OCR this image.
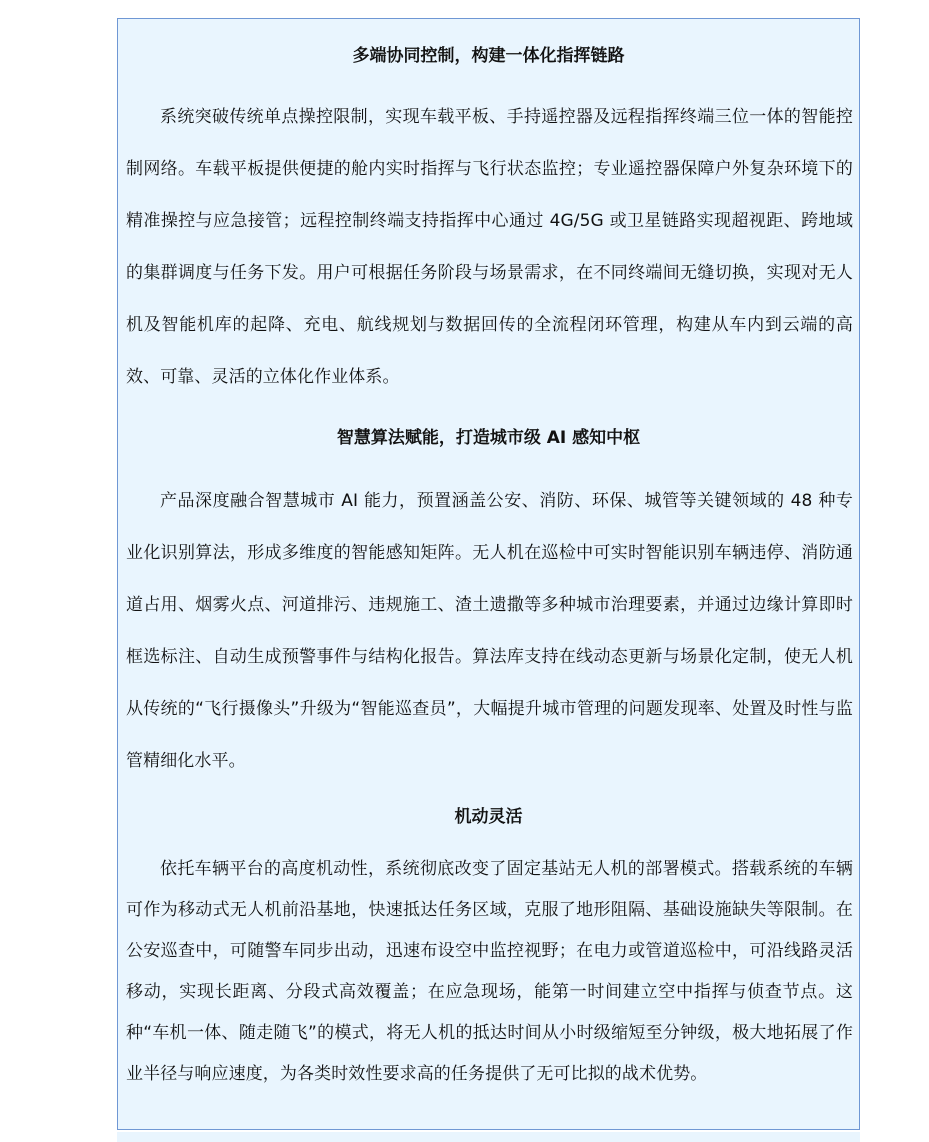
多端协同控制，构建一体化指挥链路

系统突破传统单点操控限制，实现车载平板、手持遥控器及远程指挥终端三位一体的智能控制网络。车载平板提供便捷的舱内实时指挥与飞行状态监控；专业遥控器保障户外复杂环境下的精准操控与应急接管；远程控制终端支持指挥中心通过 4G/5G 或卫星链路实现超视距、跨地域的集群调度与任务下发。用户可根据任务阶段与场景需求，在不同终端间无缝切换，实现对无人机及智能机库的起降、充电、航线规划与数据回传的全流程闭环管理，构建从车内到云端的高效、可靠、灵活的立体化作业体系。

智慧算法赋能，打造城市级 AI 感知中枢

产品深度融合智慧城市 AI 能力，预置涵盖公安、消防、环保、城管等关键领域的 48 种专业化识别算法，形成多维度的智能感知矩阵。无人机在巡检中可实时智能识别车辆违停、消防通道占用、烟雾火点、河道排污、违规施工、渣土遗撒等多种城市治理要素，并通过边缘计算即时框选标注、自动生成预警事件与结构化报告。算法库支持在线动态更新与场景化定制，使无人机从传统的“飞行摄像头”升级为“智能巡查员”，大幅提升城市管理的问题发现率、处置及时性与监管精细化水平。

机动灵活

依托车辆平台的高度机动性，系统彻底改变了固定基站无人机的部署模式。搭载系统的车辆可作为移动式无人机前沿基地，快速抵达任务区域，克服了地形阻隔、基础设施缺失等限制。在公安巡查中，可随警车同步出动，迅速布设空中监控视野；在电力或管道巡检中，可沿线路灵活移动，实现长距离、分段式高效覆盖；在应急现场，能第一时间建立空中指挥与侦查节点。这种“车机一体、随走随飞”的模式，将无人机的抵达时间从小时级缩短至分钟级，极大地拓展了作业半径与响应速度，为各类时效性要求高的任务提供了无可比拟的战术优势。
